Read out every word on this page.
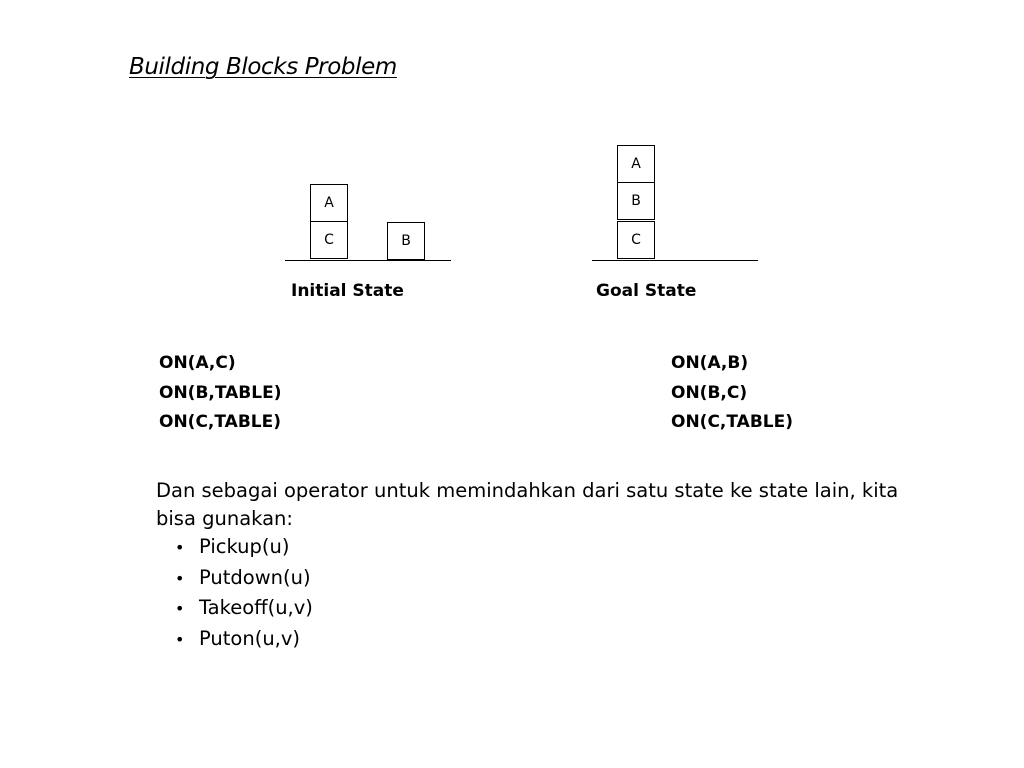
Building Blocks Problem
A
C	B
Initial State
A
B
C
Goal State
ON(A,C)
ON(B,TABLE)
ON(C,TABLE)
ON(A,B)
ON(B,C)
ON(C,TABLE)
Dan sebagai operator untuk memindahkan dari satu state ke state lain, kita bisa gunakan:
• Pickup(u)
• Putdown(u)
• Takeoff(u,v)
• Puton(u,v)
